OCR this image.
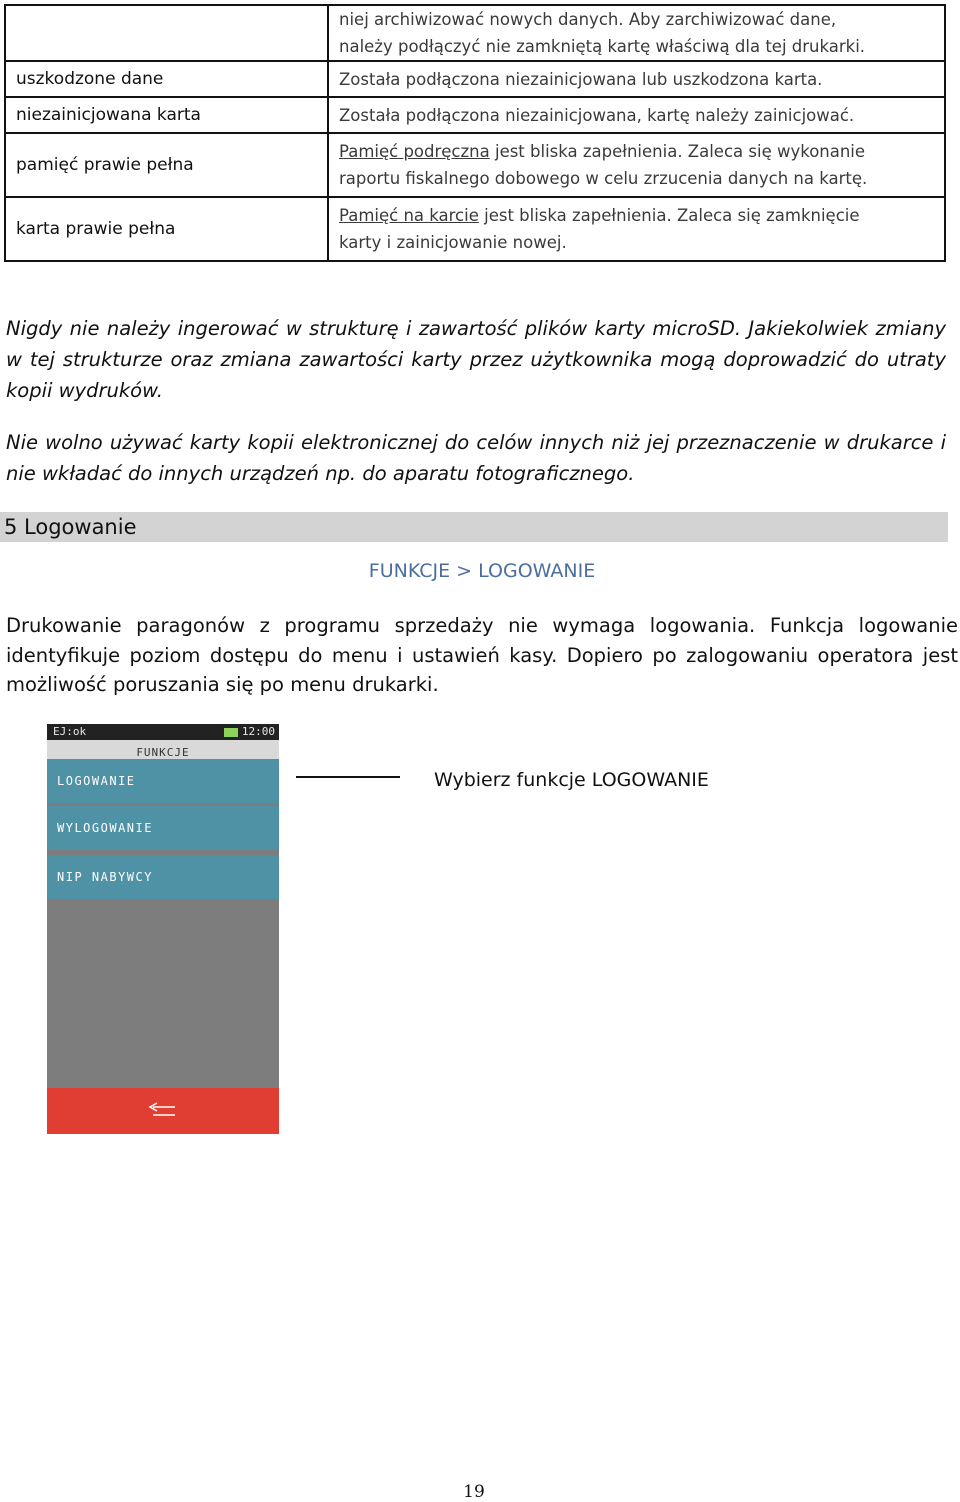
	niej archiwizować nowych danych. Aby zarchiwizować dane,
należy podłączyć nie zamkniętą kartę właściwą dla tej drukarki.
uszkodzone dane	Została podłączona niezainicjowana lub uszkodzona karta.
niezainicjowana karta	Została podłączona niezainicjowana, kartę należy zainicjować.
pamięć prawie pełna	Pamięć podręczna jest bliska zapełnienia. Zaleca się wykonanie
raportu fiskalnego dobowego w celu zrzucenia danych na kartę.
karta prawie pełna	Pamięć na karcie jest bliska zapełnienia. Zaleca się zamknięcie
karty i zainicjowanie nowej.

Nigdy nie należy ingerować w strukturę i zawartość plików karty microSD. Jakiekolwiek zmiany w tej strukturze oraz zmiana zawartości karty przez użytkownika mogą doprowadzić do utraty kopii wydruków.

Nie wolno używać karty kopii elektronicznej do celów innych niż jej przeznaczenie w drukarce i nie wkładać do innych urządzeń np. do aparatu fotograficznego.

5 Logowanie
FUNKCJE > LOGOWANIE

Drukowanie paragonów z programu sprzedaży nie wymaga logowania. Funkcja logowanie identyfikuje poziom dostępu do menu i ustawień kasy. Dopiero po zalogowaniu operatora jest możliwość poruszania się po menu drukarki.

EJ:ok	12:00
FUNKCJE
LOGOWANIE
WYLOGOWANIE
NIP NABYWCY
Wybierz funkcje LOGOWANIE
19
